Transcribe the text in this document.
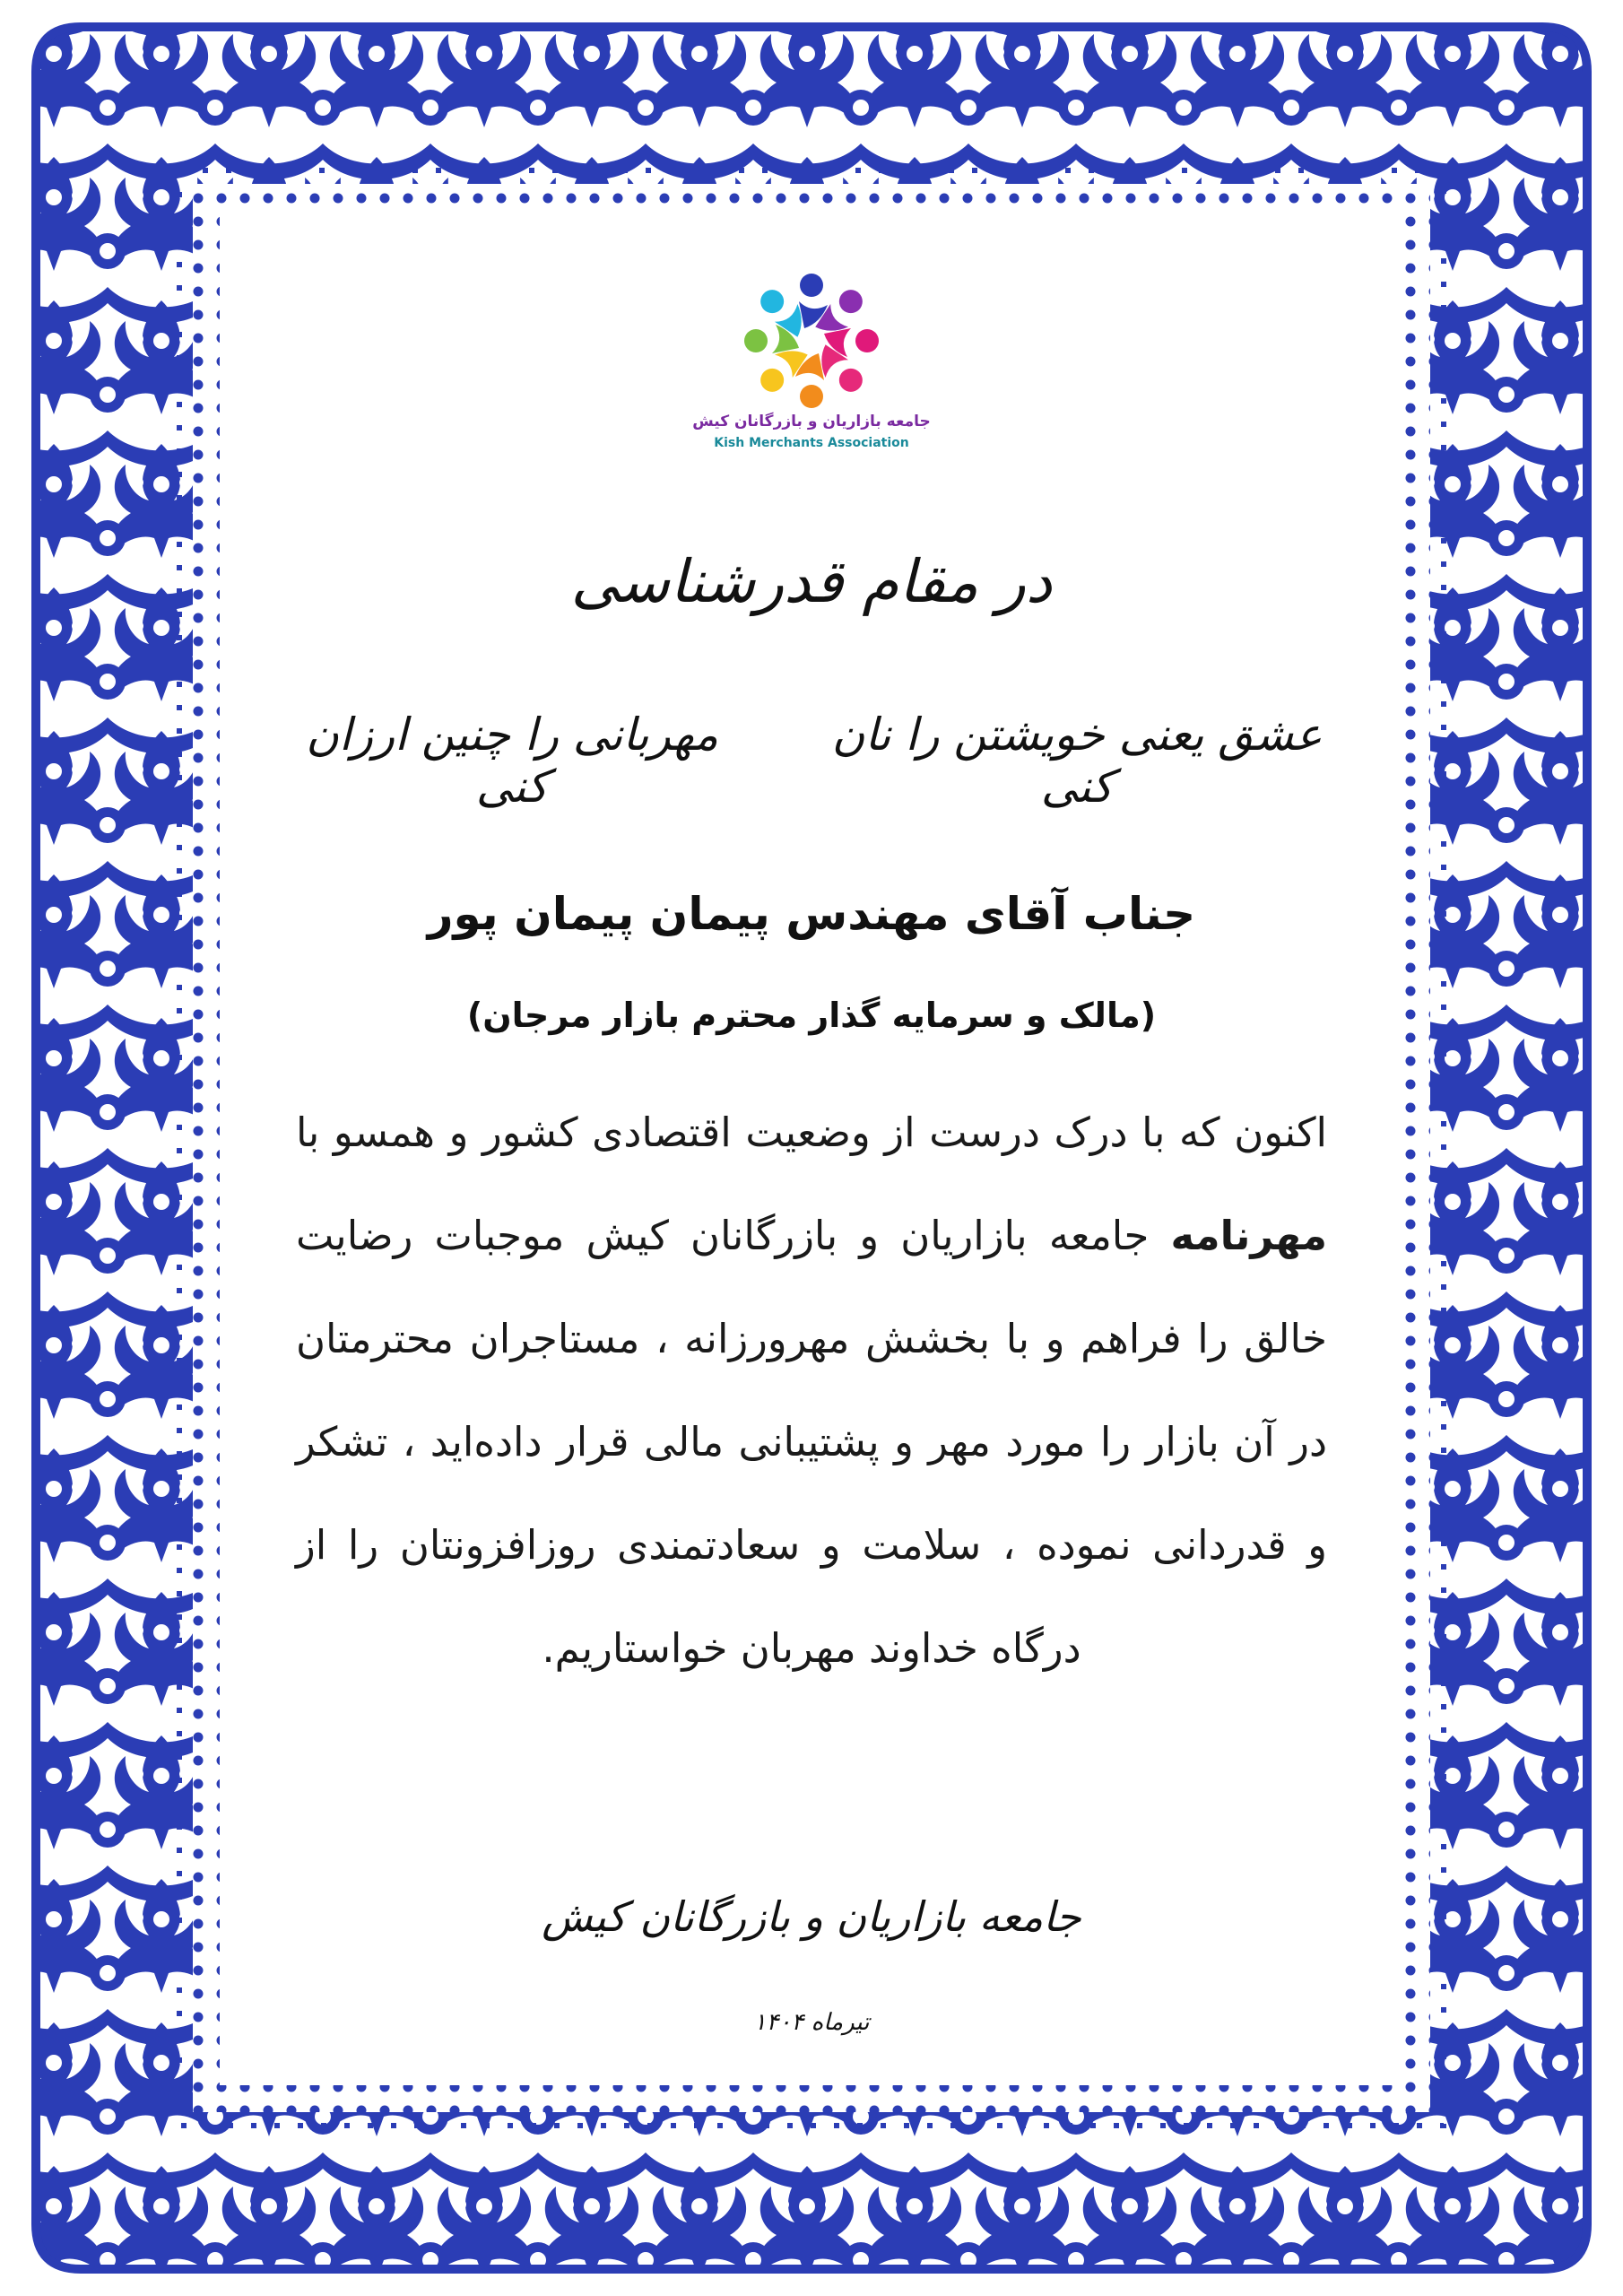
جامعه بازاریان و بازرگانان کیش
Kish Merchants Association
در مقام قدرشناسی
عشق یعنی خویشتن را نان کنی
مهربانی را چنین ارزان کنی
جناب آقای مهندس پیمان پیمان پور
(مالک و سرمایه گذار محترم بازار مرجان)
اکنون که با درک درست از وضعیت اقتصادی کشور و همسو با مهرنامه جامعه بازاریان و بازرگانان کیش موجبات رضایت خالق را فراهم و با بخشش مهرورزانه ، مستاجران محترمتان در آن بازار را مورد مهر و پشتیبانی مالی قرار داده‌اید ، تشکر و قدردانی نموده ، سلامت و سعادتمندی روزافزونتان را از درگاه خداوند مهربان خواستاریم.
جامعه بازاریان و بازرگانان کیش
تیرماه ۱۴۰۴
